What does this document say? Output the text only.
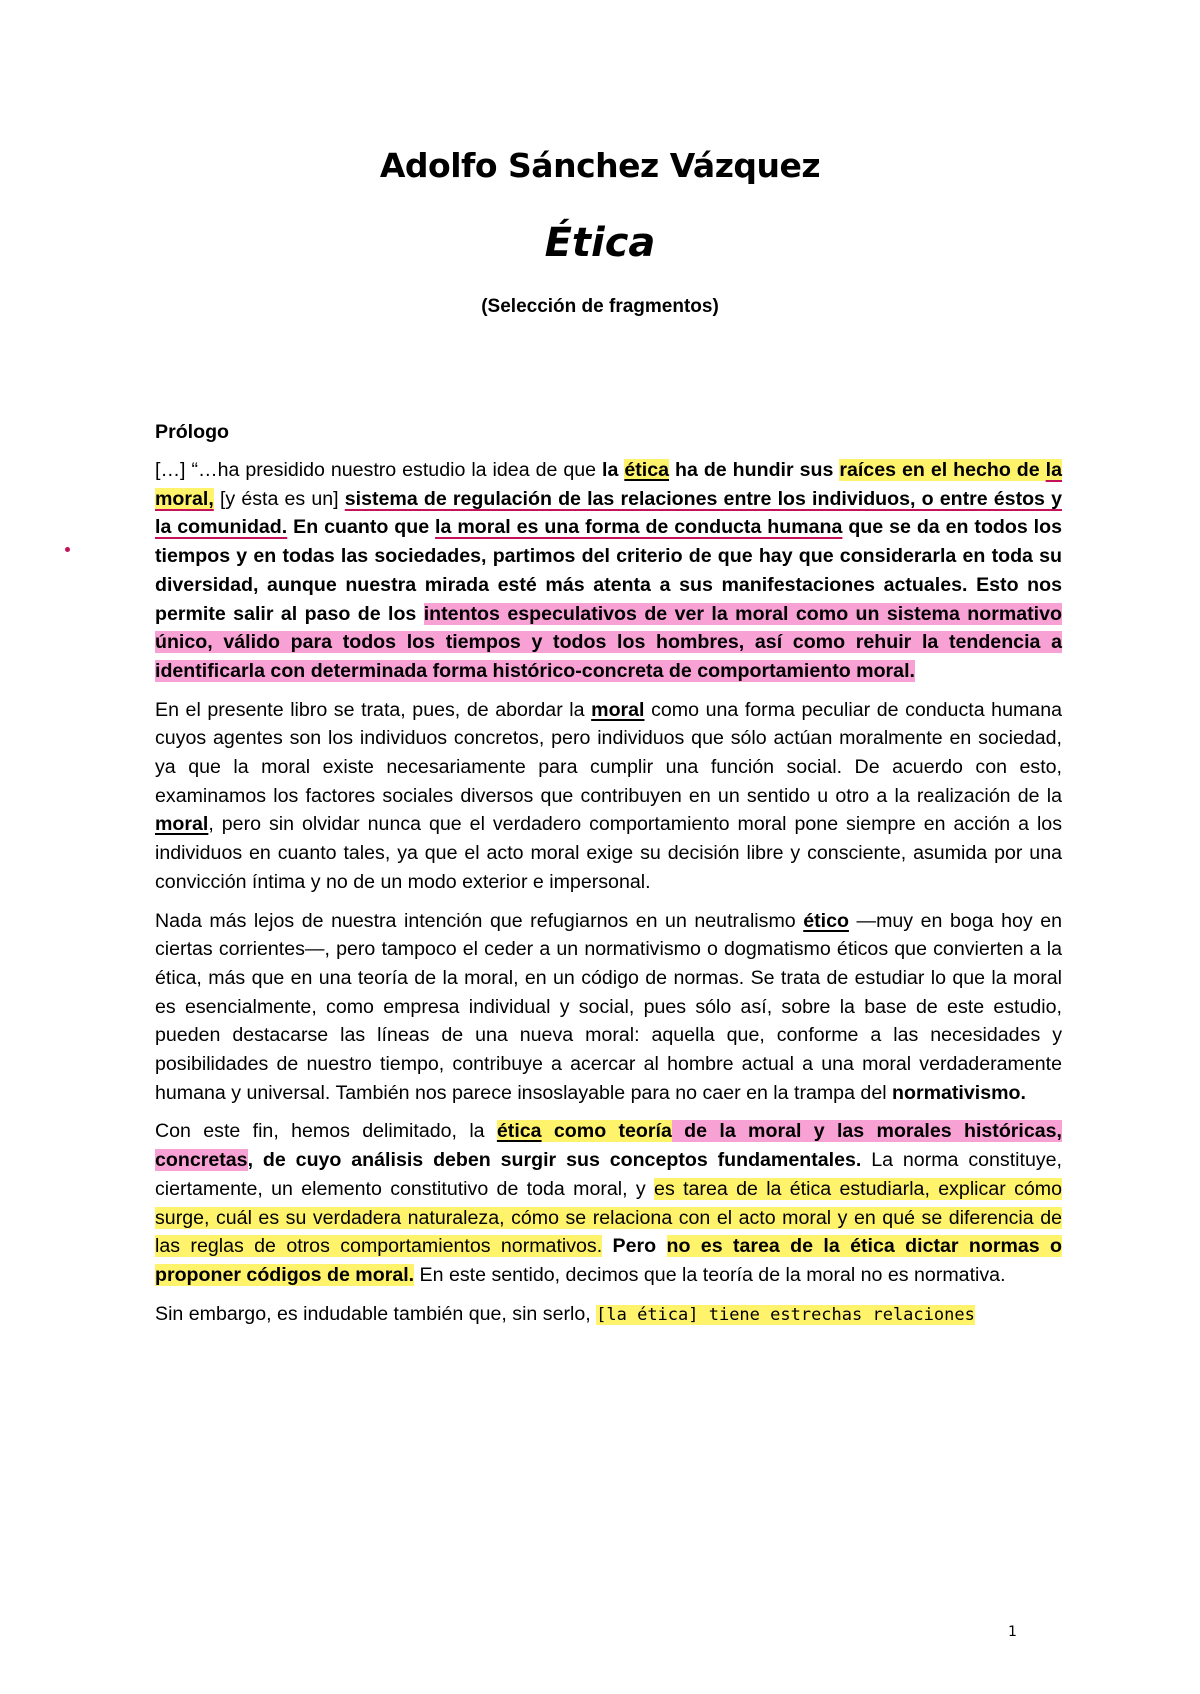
Adolfo Sánchez Vázquez
Ética
(Selección de fragmentos)
Prólogo

[…] “…ha presidido nuestro estudio la idea de que la ética ha de hundir sus raíces en el hecho de la moral, [y ésta es un] sistema de regulación de las relaciones entre los individuos, o entre éstos y la comunidad. En cuanto que la moral es una forma de conducta humana que se da en todos los tiempos y en todas las sociedades, partimos del criterio de que hay que considerarla en toda su diversidad, aunque nuestra mirada esté más atenta a sus manifestaciones actuales. Esto nos permite salir al paso de los intentos especulativos de ver la moral como un sistema normativo único, válido para todos los tiempos y todos los hombres, así como rehuir la tendencia a identificarla con determinada forma histórico-concreta de comportamiento moral.

En el presente libro se trata, pues, de abordar la moral como una forma peculiar de conducta humana cuyos agentes son los individuos concretos, pero individuos que sólo actúan moralmente en sociedad, ya que la moral existe necesariamente para cumplir una función social. De acuerdo con esto, examinamos los factores sociales diversos que contribuyen en un sentido u otro a la realización de la moral, pero sin olvidar nunca que el verdadero comportamiento moral pone siempre en acción a los individuos en cuanto tales, ya que el acto moral exige su decisión libre y consciente, asumida por una convicción íntima y no de un modo exterior e impersonal.

Nada más lejos de nuestra intención que refugiarnos en un neutralismo ético —muy en boga hoy en ciertas corrientes—, pero tampoco el ceder a un normativismo o dogmatismo éticos que convierten a la ética, más que en una teoría de la moral, en un código de normas. Se trata de estudiar lo que la moral es esencialmente, como empresa individual y social, pues sólo así, sobre la base de este estudio, pueden destacarse las líneas de una nueva moral: aquella que, conforme a las necesidades y posibilidades de nuestro tiempo, contribuye a acercar al hombre actual a una moral verdaderamente humana y universal. También nos parece insoslayable para no caer en la trampa del normativismo.

Con este fin, hemos delimitado, la ética como teoría de la moral y las morales históricas, concretas, de cuyo análisis deben surgir sus conceptos fundamentales. La norma constituye, ciertamente, un elemento constitutivo de toda moral, y es tarea de la ética estudiarla, explicar cómo surge, cuál es su verdadera naturaleza, cómo se relaciona con el acto moral y en qué se diferencia de las reglas de otros comportamientos normativos. Pero no es tarea de la ética dictar normas o proponer códigos de moral. En este sentido, decimos que la teoría de la moral no es normativa.

Sin embargo, es indudable también que, sin serlo, [la ética] tiene estrechas relaciones

1
